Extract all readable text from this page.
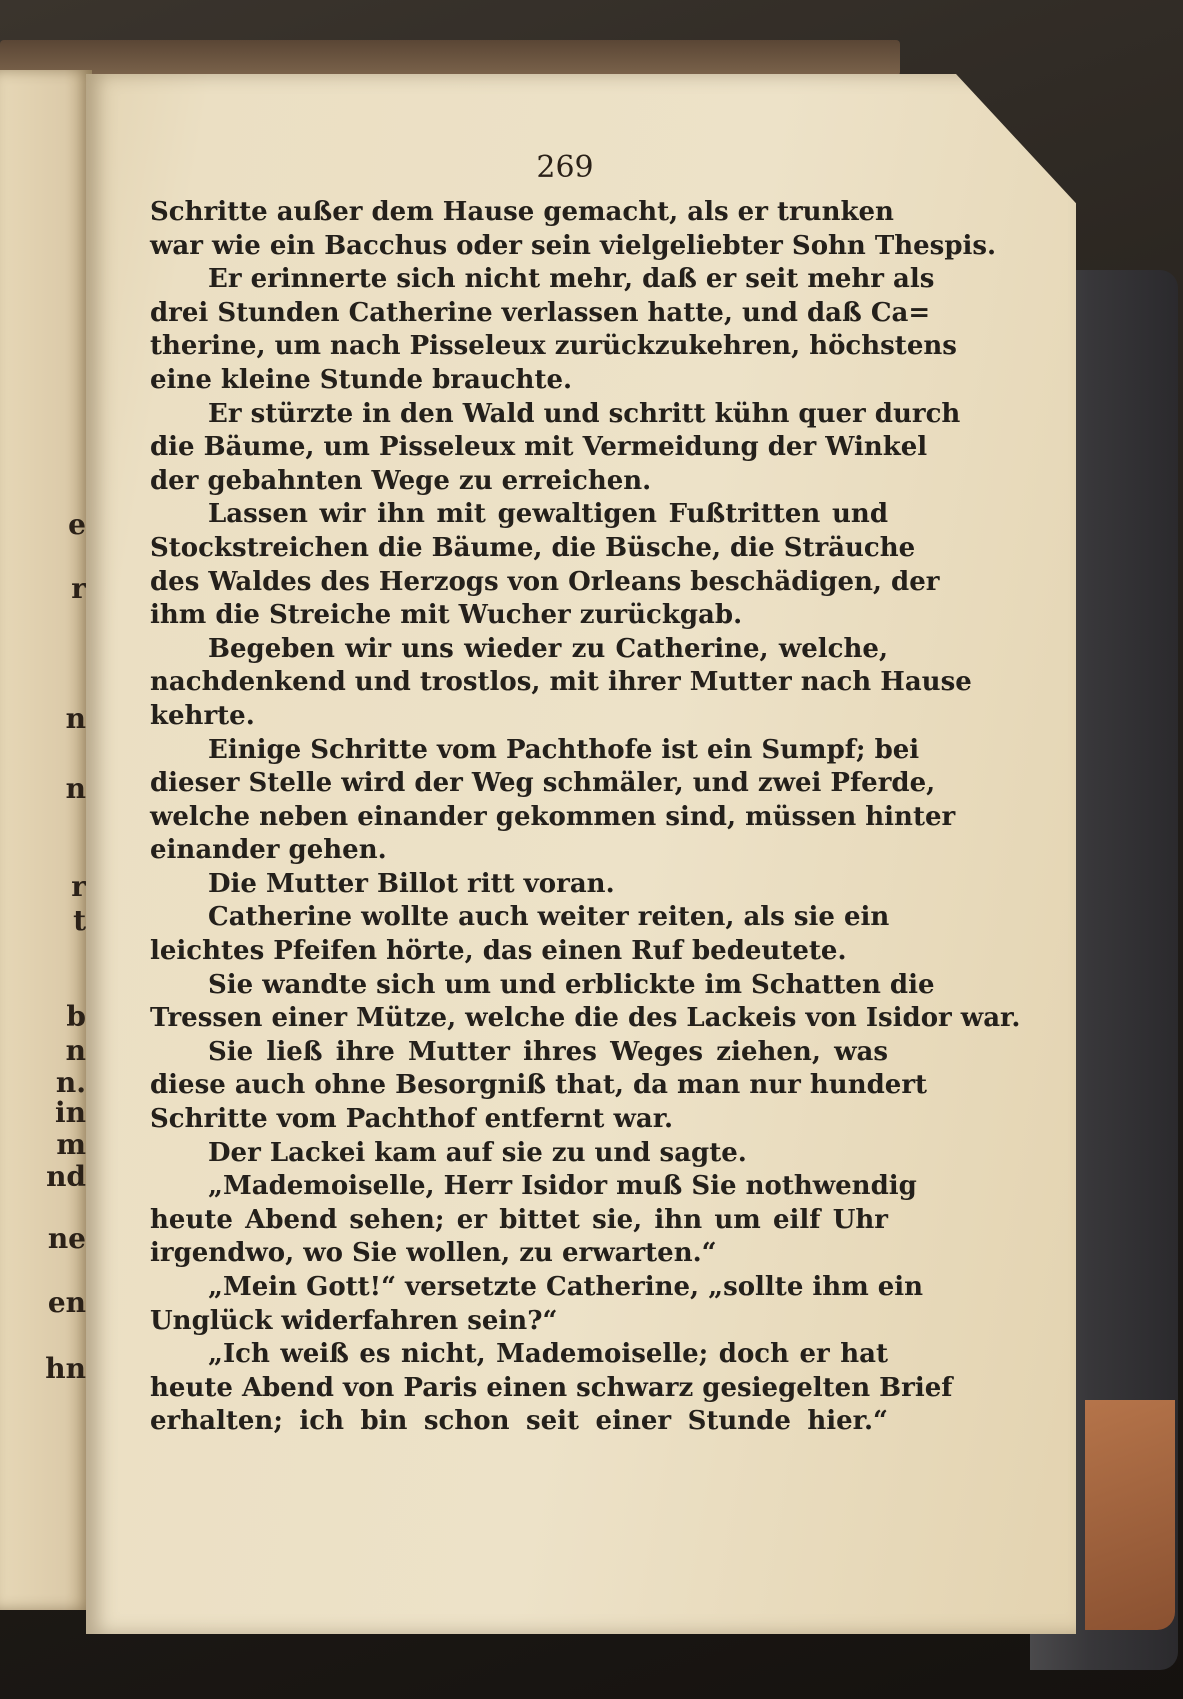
e

r

n

n

r

t

b

n

n.

in

m

nd

ne

en

hn

269

Schritte außer dem Hause gemacht, als er trunken
war wie ein Bacchus oder sein vielgeliebter Sohn Thespis.
Er erinnerte sich nicht mehr, daß er seit mehr als
drei Stunden Catherine verlassen hatte, und daß Ca=
therine, um nach Pisseleux zurückzukehren, höchstens
eine kleine Stunde brauchte.
Er stürzte in den Wald und schritt kühn quer durch
die Bäume, um Pisseleux mit Vermeidung der Winkel
der gebahnten Wege zu erreichen.
Lassen wir ihn mit gewaltigen Fußtritten und
Stockstreichen die Bäume, die Büsche, die Sträuche
des Waldes des Herzogs von Orleans beschädigen, der
ihm die Streiche mit Wucher zurückgab.
Begeben wir uns wieder zu Catherine, welche,
nachdenkend und trostlos, mit ihrer Mutter nach Hause
kehrte.
Einige Schritte vom Pachthofe ist ein Sumpf; bei
dieser Stelle wird der Weg schmäler, und zwei Pferde,
welche neben einander gekommen sind, müssen hinter
einander gehen.
Die Mutter Billot ritt voran.
Catherine wollte auch weiter reiten, als sie ein
leichtes Pfeifen hörte, das einen Ruf bedeutete.
Sie wandte sich um und erblickte im Schatten die
Tressen einer Mütze, welche die des Lackeis von Isidor war.
Sie ließ ihre Mutter ihres Weges ziehen, was
diese auch ohne Besorgniß that, da man nur hundert
Schritte vom Pachthof entfernt war.
Der Lackei kam auf sie zu und sagte.
„Mademoiselle, Herr Isidor muß Sie nothwendig
heute Abend sehen; er bittet sie, ihn um eilf Uhr
irgendwo, wo Sie wollen, zu erwarten.“
„Mein Gott!“ versetzte Catherine, „sollte ihm ein
Unglück widerfahren sein?“
„Ich weiß es nicht, Mademoiselle; doch er hat
heute Abend von Paris einen schwarz gesiegelten Brief
erhalten; ich bin schon seit einer Stunde hier.“
